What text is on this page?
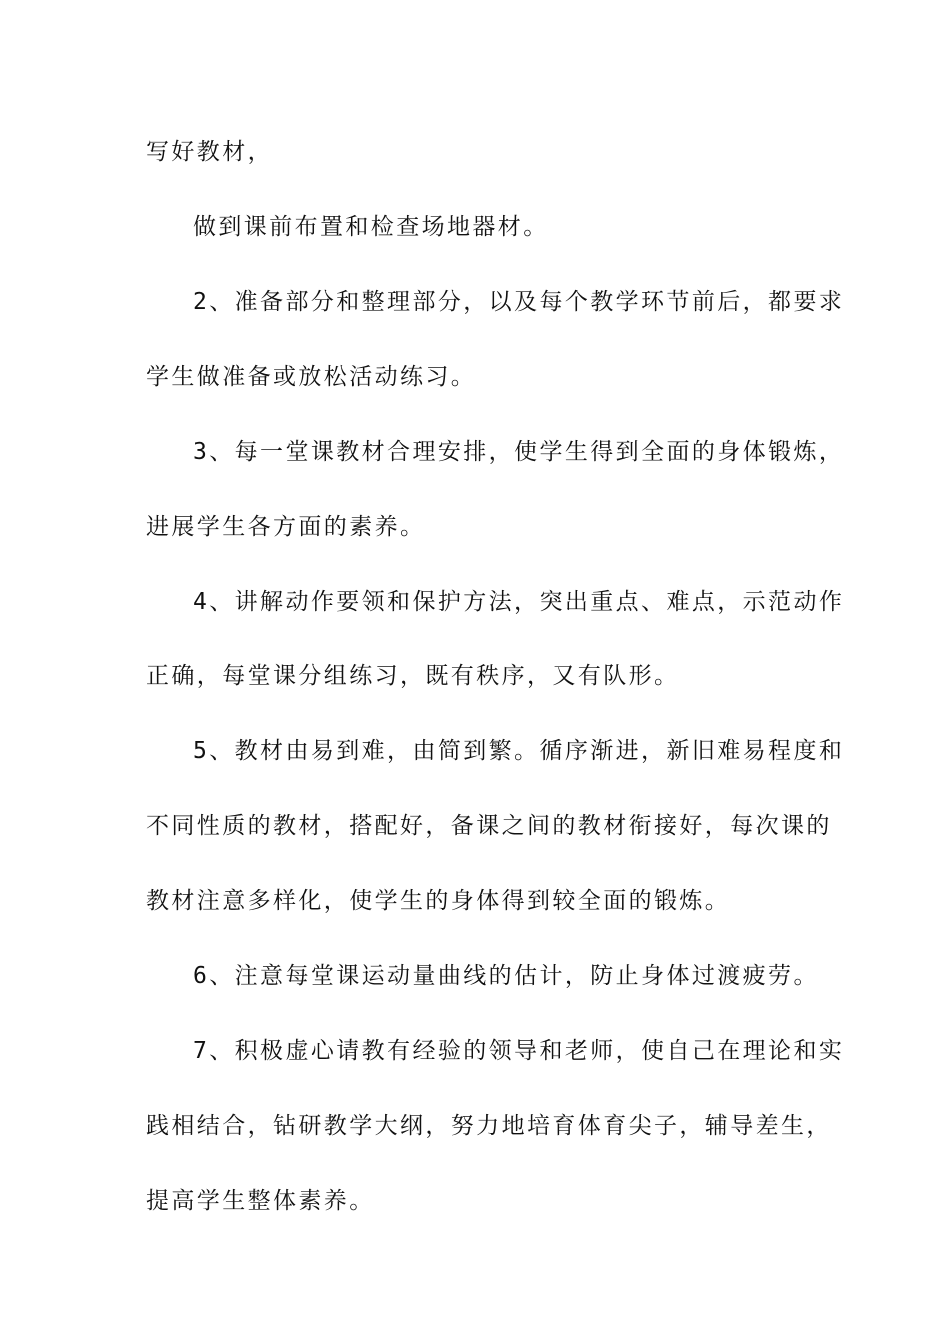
写好教材，
做到课前布置和检查场地器材。
2、准备部分和整理部分，以及每个教学环节前后，都要求
学生做准备或放松活动练习。
3、每一堂课教材合理安排，使学生得到全面的身体锻炼，
进展学生各方面的素养。
4、讲解动作要领和保护方法，突出重点、难点，示范动作
正确，每堂课分组练习，既有秩序，又有队形。
5、教材由易到难，由简到繁。循序渐进，新旧难易程度和
不同性质的教材，搭配好，备课之间的教材衔接好，每次课的
教材注意多样化，使学生的身体得到较全面的锻炼。
6、注意每堂课运动量曲线的估计，防止身体过渡疲劳。
7、积极虚心请教有经验的领导和老师，使自己在理论和实
践相结合，钻研教学大纲，努力地培育体育尖子，辅导差生，
提高学生整体素养。
